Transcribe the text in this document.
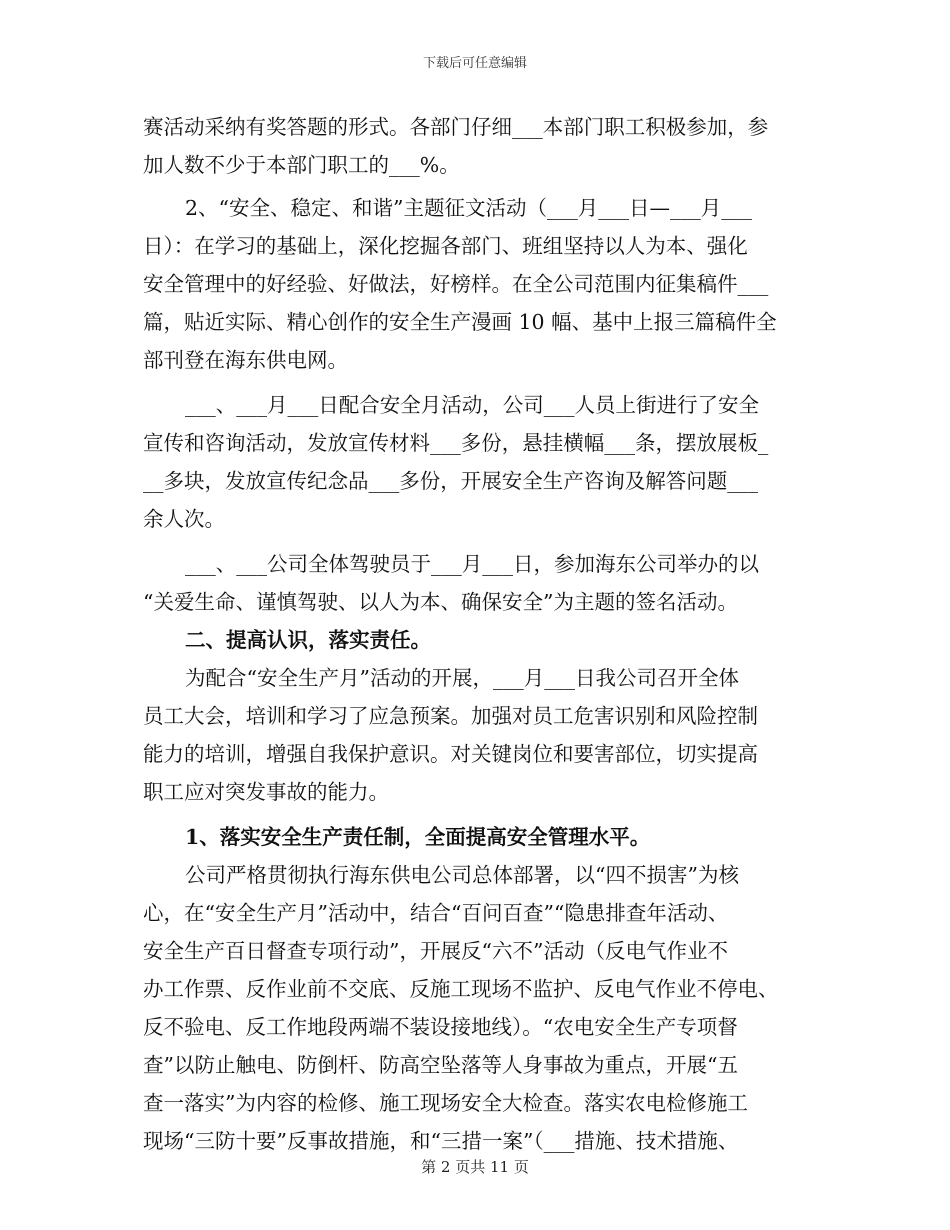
下载后可任意编辑
赛活动采纳有奖答题的形式。各部门仔细___本部门职工积极参加，参
加人数不少于本部门职工的___%。
2、“安全、稳定、和谐”主题征文活动（___月___日—___月___
日）：在学习的基础上，深化挖掘各部门、班组坚持以人为本、强化
安全管理中的好经验、好做法，好榜样。在全公司范围内征集稿件___
篇，贴近实际、精心创作的安全生产漫画 10 幅、基中上报三篇稿件全
部刊登在海东供电网。
___、___月___日配合安全月活动，公司___人员上街进行了安全
宣传和咨询活动，发放宣传材料___多份，悬挂横幅___条，摆放展板_
__多块，发放宣传纪念品___多份，开展安全生产咨询及解答问题___
余人次。
___、___公司全体驾驶员于___月___日，参加海东公司举办的以
“关爱生命、谨慎驾驶、以人为本、确保安全”为主题的签名活动。
二、提高认识，落实责任。
为配合“安全生产月”活动的开展，___月___日我公司召开全体
员工大会，培训和学习了应急预案。加强对员工危害识别和风险控制
能力的培训，增强自我保护意识。对关键岗位和要害部位，切实提高
职工应对突发事故的能力。
1、落实安全生产责任制，全面提高安全管理水平。
公司严格贯彻执行海东供电公司总体部署，以“四不损害”为核
心，在“安全生产月”活动中，结合“百问百查”“隐患排查年活动、
安全生产百日督查专项行动”，开展反“六不”活动（反电气作业不
办工作票、反作业前不交底、反施工现场不监护、反电气作业不停电、
反不验电、反工作地段两端不装设接地线）。“农电安全生产专项督
查”以防止触电、防倒杆、防高空坠落等人身事故为重点，开展“五
查一落实”为内容的检修、施工现场安全大检查。落实农电检修施工
现场“三防十要”反事故措施，和“三措一案”（___措施、技术措施、
第 2 页共 11 页
